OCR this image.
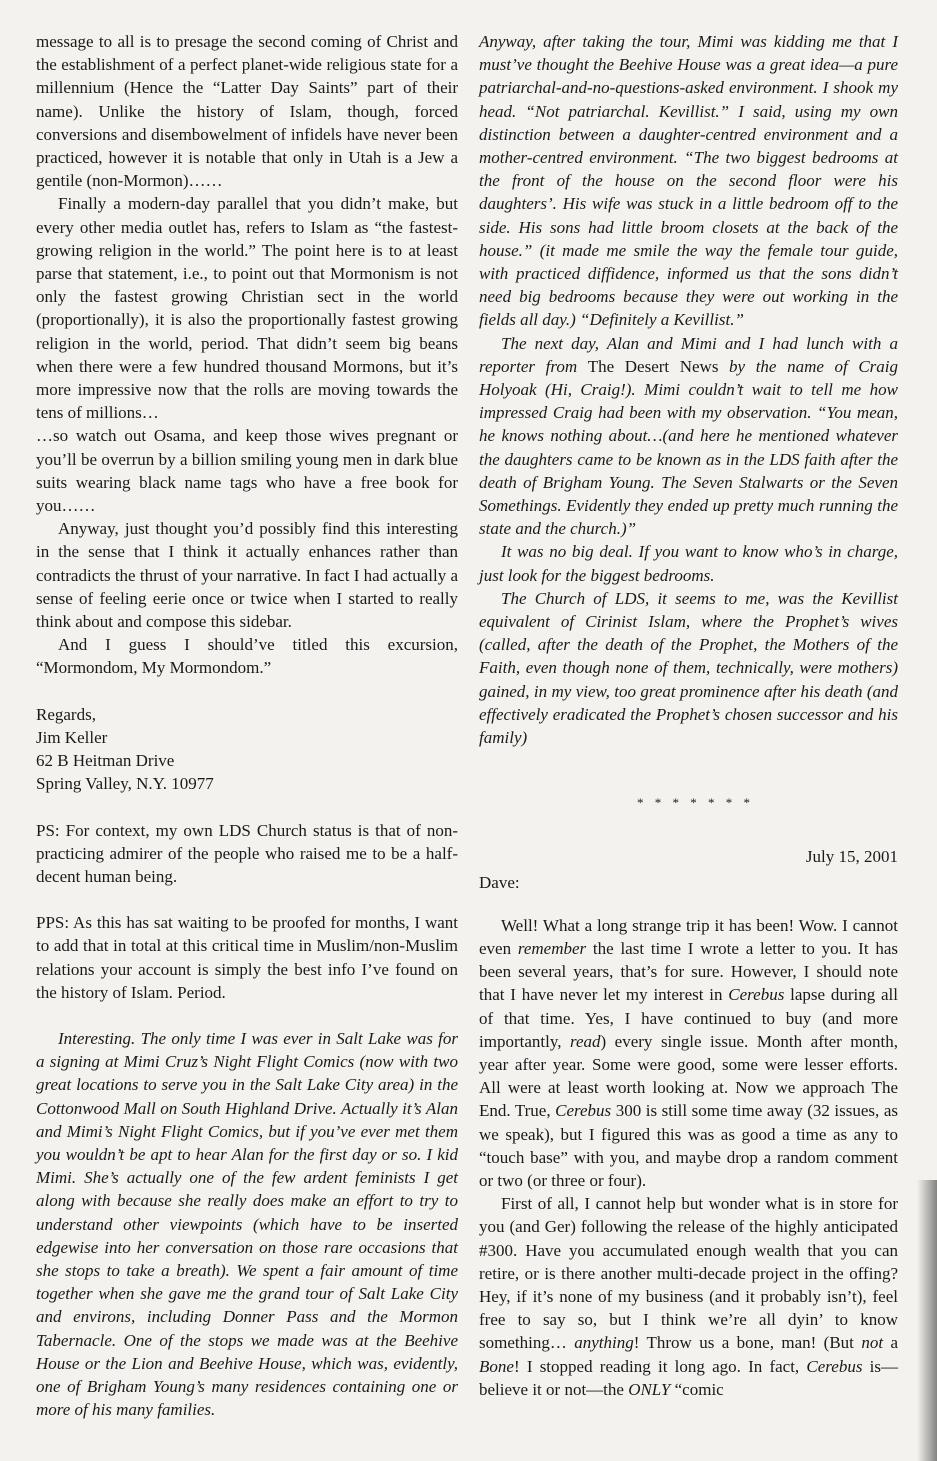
message to all is to presage the second coming of Christ and the establishment of a perfect planet-wide religious state for a millennium (Hence the “Latter Day Saints” part of their name). Unlike the history of Islam, though, forced conversions and disembowelment of infidels have never been practiced, however it is notable that only in Utah is a Jew a gentile (non-Mormon)……

Finally a modern-day parallel that you didn’t make, but every other media outlet has, refers to Islam as “the fastest-growing religion in the world.” The point here is to at least parse that statement, i.e., to point out that Mormonism is not only the fastest growing Christian sect in the world (proportionally), it is also the proportionally fastest growing religion in the world, period. That didn’t seem big beans when there were a few hundred thousand Mormons, but it’s more impressive now that the rolls are moving towards the tens of millions…

…so watch out Osama, and keep those wives pregnant or you’ll be overrun by a billion smiling young men in dark blue suits wearing black name tags who have a free book for you……

Anyway, just thought you’d possibly find this interesting in the sense that I think it actually enhances rather than contradicts the thrust of your narrative. In fact I had actually a sense of feeling eerie once or twice when I started to really think about and compose this sidebar.

And I guess I should’ve titled this excursion, “Mormondom, My Mormondom.”

Regards,

Jim Keller

62 B Heitman Drive

Spring Valley, N.Y. 10977

PS: For context, my own LDS Church status is that of non-practicing admirer of the people who raised me to be a half-decent human being.

PPS: As this has sat waiting to be proofed for months, I want to add that in total at this critical time in Muslim/non-Muslim relations your account is simply the best info I’ve found on the history of Islam. Period.

Interesting. The only time I was ever in Salt Lake was for a signing at Mimi Cruz’s Night Flight Comics (now with two great locations to serve you in the Salt Lake City area) in the Cottonwood Mall on South Highland Drive. Actually it’s Alan and Mimi’s Night Flight Comics, but if you’ve ever met them you wouldn’t be apt to hear Alan for the first day or so. I kid Mimi. She’s actually one of the few ardent feminists I get along with because she really does make an effort to try to understand other viewpoints (which have to be inserted edgewise into her conversation on those rare occasions that she stops to take a breath). We spent a fair amount of time together when she gave me the grand tour of Salt Lake City and environs, including Donner Pass and the Mormon Tabernacle. One of the stops we made was at the Beehive House or the Lion and Beehive House, which was, evidently, one of Brigham Young’s many residences containing one or more of his many families.

Anyway, after taking the tour, Mimi was kidding me that I must’ve thought the Beehive House was a great idea—a pure patriarchal-and-no-questions-asked environment. I shook my head. “Not patriarchal. Kevillist.” I said, using my own distinction between a daughter-centred environment and a mother-centred environment. “The two biggest bedrooms at the front of the house on the second floor were his daughters’. His wife was stuck in a little bedroom off to the side. His sons had little broom closets at the back of the house.” (it made me smile the way the female tour guide, with practiced diffidence, informed us that the sons didn’t need big bedrooms because they were out working in the fields all day.) “Definitely a Kevillist.”

The next day, Alan and Mimi and I had lunch with a reporter from The Desert News by the name of Craig Holyoak (Hi, Craig!). Mimi couldn’t wait to tell me how impressed Craig had been with my observation. “You mean, he knows nothing about…(and here he mentioned whatever the daughters came to be known as in the LDS faith after the death of Brigham Young. The Seven Stalwarts or the Seven Somethings. Evidently they ended up pretty much running the state and the church.)”

It was no big deal. If you want to know who’s in charge, just look for the biggest bedrooms.

The Church of LDS, it seems to me, was the Kevillist equivalent of Cirinist Islam, where the Prophet’s wives (called, after the death of the Prophet, the Mothers of the Faith, even though none of them, technically, were mothers) gained, in my view, too great prominence after his death (and effectively eradicated the Prophet’s chosen successor and his family)

* * * * * * *

July 15, 2001

Dave:

Well! What a long strange trip it has been! Wow. I cannot even remember the last time I wrote a letter to you. It has been several years, that’s for sure. However, I should note that I have never let my interest in Cerebus lapse during all of that time. Yes, I have continued to buy (and more importantly, read) every single issue. Month after month, year after year. Some were good, some were lesser efforts. All were at least worth looking at. Now we approach The End. True, Cerebus 300 is still some time away (32 issues, as we speak), but I figured this was as good a time as any to “touch base” with you, and maybe drop a random comment or two (or three or four).

First of all, I cannot help but wonder what is in store for you (and Ger) following the release of the highly anticipated #300. Have you accumulated enough wealth that you can retire, or is there another multi-decade project in the offing? Hey, if it’s none of my business (and it probably isn’t), feel free to say so, but I think we’re all dyin’ to know something… anything! Throw us a bone, man! (But not a Bone! I stopped reading it long ago. In fact, Cerebus is—believe it or not—the ONLY “comic
